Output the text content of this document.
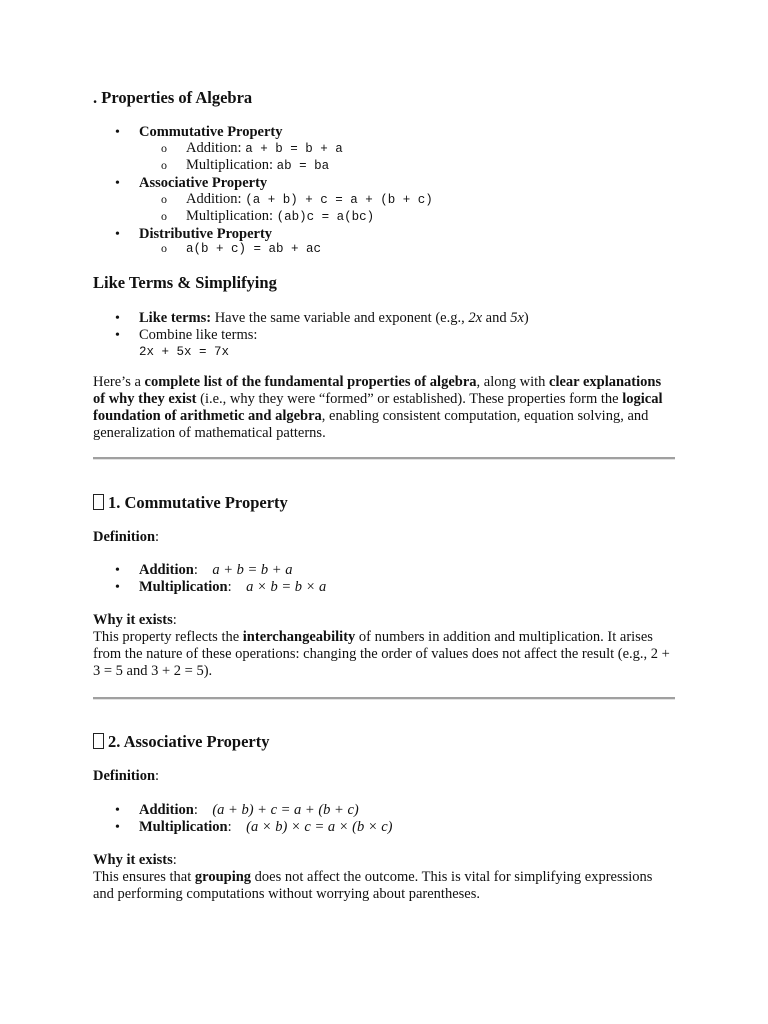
. Properties of Algebra
• Commutative Property
o Addition: a + b = b + a
o Multiplication: ab = ba
• Associative Property
o Addition: (a + b) + c = a + (b + c)
o Multiplication: (ab)c = a(bc)
• Distributive Property
o a(b + c) = ab + ac
Like Terms & Simplifying
• Like terms: Have the same variable and exponent (e.g., 2x and 5x)
• Combine like terms:
2x + 5x = 7x
Here’s a complete list of the fundamental properties of algebra, along with clear explanations of why they exist (i.e., why they were “formed” or established). These properties form the logical foundation of arithmetic and algebra, enabling consistent computation, equation solving, and generalization of mathematical patterns.
1. Commutative Property
Definition:
• Addition:    a + b = b + a
• Multiplication:    a × b = b × a
Why it exists:
This property reflects the interchangeability of numbers in addition and multiplication. It arises from the nature of these operations: changing the order of values does not affect the result (e.g., 2 + 3 = 5 and 3 + 2 = 5).
2. Associative Property
Definition:
• Addition:    (a + b) + c = a + (b + c)
• Multiplication:    (a × b) × c = a × (b × c)
Why it exists:
This ensures that grouping does not affect the outcome. This is vital for simplifying expressions and performing computations without worrying about parentheses.
